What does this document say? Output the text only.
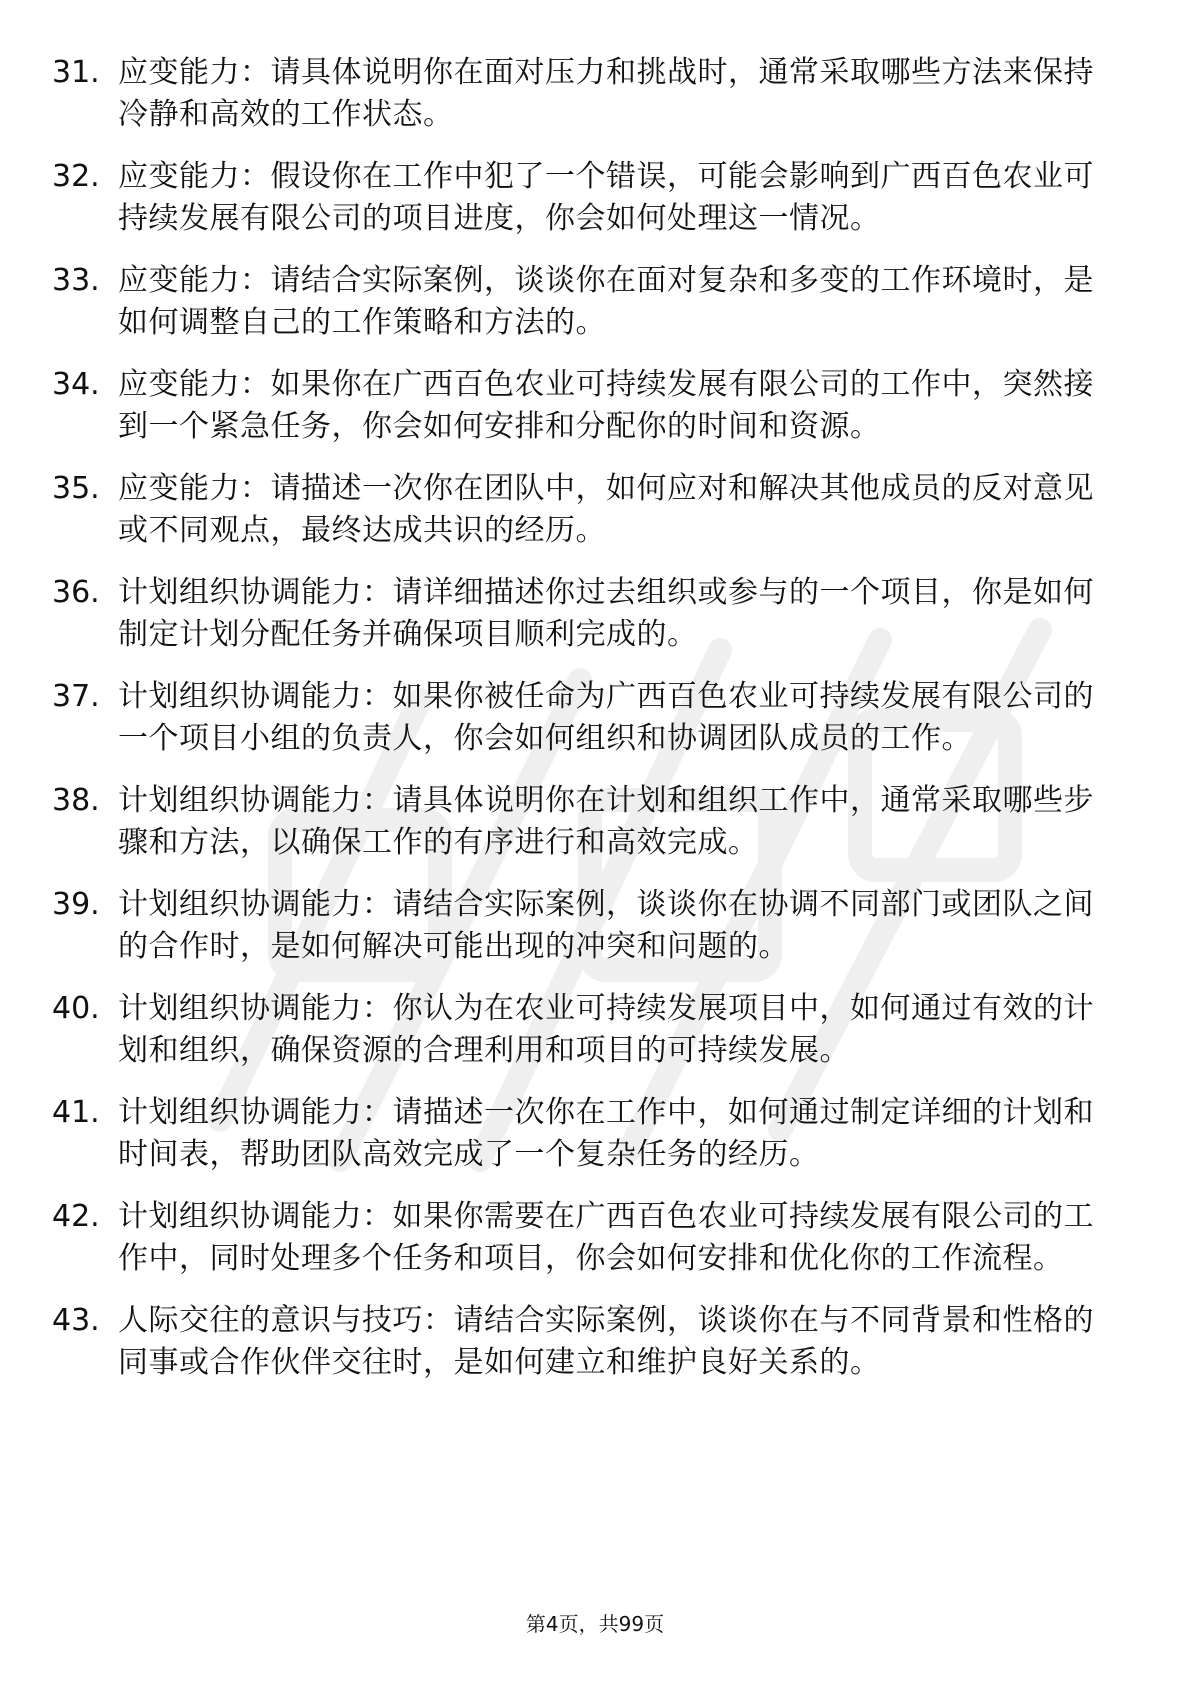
31. 应变能力：请具体说明你在面对压力和挑战时，通常采取哪些方法来保持冷静和高效的工作状态。
32. 应变能力：假设你在工作中犯了一个错误，可能会影响到广西百色农业可持续发展有限公司的项目进度，你会如何处理这一情况。
33. 应变能力：请结合实际案例，谈谈你在面对复杂和多变的工作环境时，是如何调整自己的工作策略和方法的。
34. 应变能力：如果你在广西百色农业可持续发展有限公司的工作中，突然接到一个紧急任务，你会如何安排和分配你的时间和资源。
35. 应变能力：请描述一次你在团队中，如何应对和解决其他成员的反对意见或不同观点，最终达成共识的经历。
36. 计划组织协调能力：请详细描述你过去组织或参与的一个项目，你是如何制定计划分配任务并确保项目顺利完成的。
37. 计划组织协调能力：如果你被任命为广西百色农业可持续发展有限公司的一个项目小组的负责人，你会如何组织和协调团队成员的工作。
38. 计划组织协调能力：请具体说明你在计划和组织工作中，通常采取哪些步骤和方法，以确保工作的有序进行和高效完成。
39. 计划组织协调能力：请结合实际案例，谈谈你在协调不同部门或团队之间的合作时，是如何解决可能出现的冲突和问题的。
40. 计划组织协调能力：你认为在农业可持续发展项目中，如何通过有效的计划和组织，确保资源的合理利用和项目的可持续发展。
41. 计划组织协调能力：请描述一次你在工作中，如何通过制定详细的计划和时间表，帮助团队高效完成了一个复杂任务的经历。
42. 计划组织协调能力：如果你需要在广西百色农业可持续发展有限公司的工作中，同时处理多个任务和项目，你会如何安排和优化你的工作流程。
43. 人际交往的意识与技巧：请结合实际案例，谈谈你在与不同背景和性格的同事或合作伙伴交往时，是如何建立和维护良好关系的。
第4页，共99页
